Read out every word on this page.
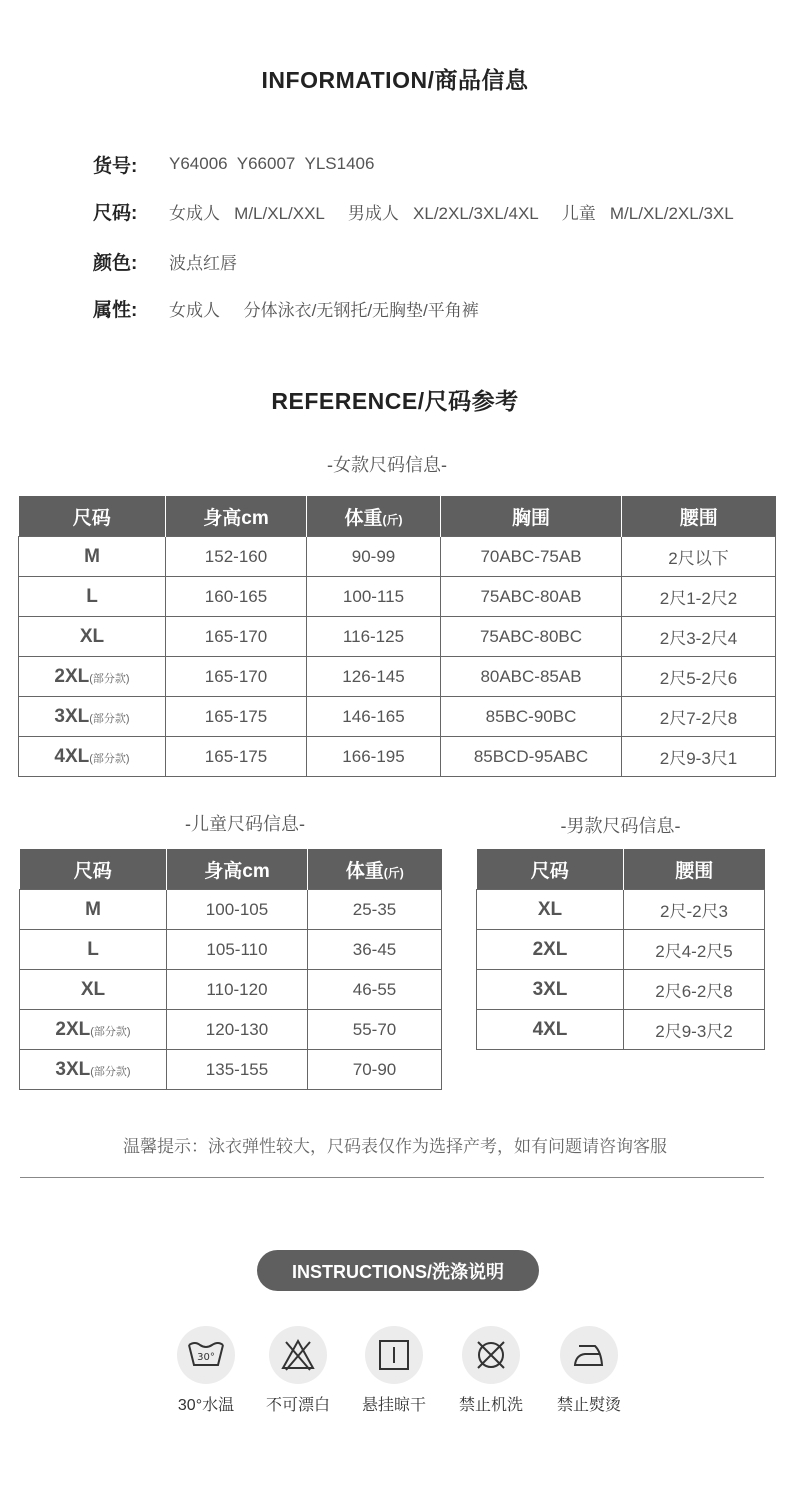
INFORMATION/商品信息
货号:	Y64006  Y66007  YLS1406
尺码:	女成人   M/L/XL/XXL     男成人   XL/2XL/3XL/4XL     儿童   M/L/XL/2XL/3XL
颜色:	波点红唇
属性:	女成人     分体泳衣/无钢托/无胸垫/平角裤
REFERENCE/尺码参考
-女款尺码信息-
尺码	身高cm	体重(斤)	胸围	腰围
M	152-160	90-99	70ABC-75AB	2尺以下
L	160-165	100-115	75ABC-80AB	2尺1-2尺2
XL	165-170	116-125	75ABC-80BC	2尺3-2尺4
2XL(部分款)	165-170	126-145	80ABC-85AB	2尺5-2尺6
3XL(部分款)	165-175	146-165	85BC-90BC	2尺7-2尺8
4XL(部分款)	165-175	166-195	85BCD-95ABC	2尺9-3尺1
-儿童尺码信息-
尺码	身高cm	体重(斤)
M	100-105	25-35
L	105-110	36-45
XL	110-120	46-55
2XL(部分款)	120-130	55-70
3XL(部分款)	135-155	70-90
-男款尺码信息-
尺码	腰围
XL	2尺-2尺3
2XL	2尺4-2尺5
3XL	2尺6-2尺8
4XL	2尺9-3尺2
温馨提示：泳衣弹性较大，尺码表仅作为选择产考，如有问题请咨询客服
INSTRUCTIONS/洗涤说明
30°
30°水温	不可漂白	悬挂晾干	禁止机洗	禁止熨烫
